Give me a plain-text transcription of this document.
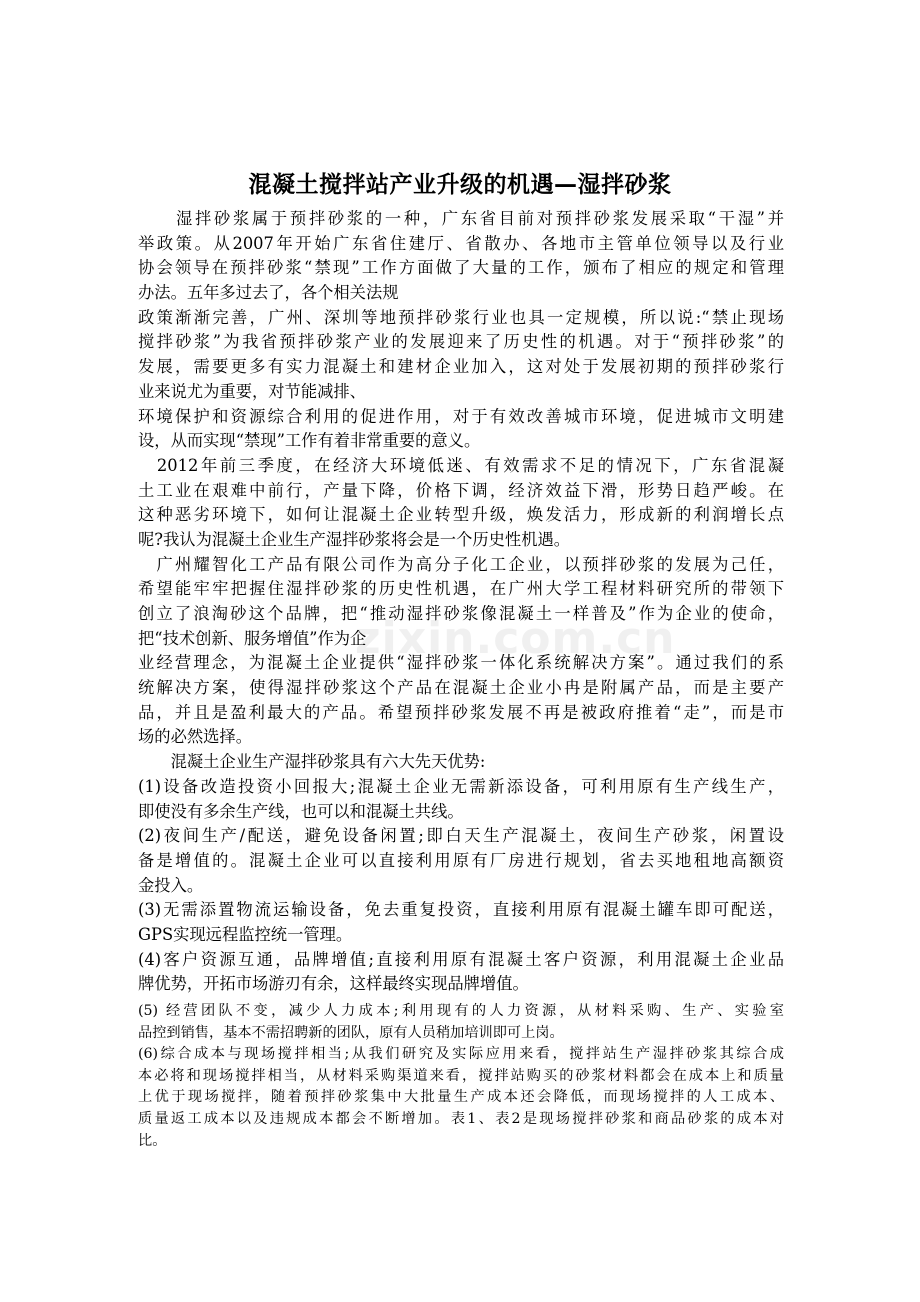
混凝土搅拌站产业升级的机遇—湿拌砂浆
zixin.com.cn
　　湿拌砂浆属于预拌砂浆的一种，广东省目前对预拌砂浆发展采取“干湿”并
举政策。从2007年开始广东省住建厅、省散办、各地市主管单位领导以及行业
协会领导在预拌砂浆“禁现”工作方面做了大量的工作，颁布了相应的规定和管理
办法。五年多过去了，各个相关法规
政策渐渐完善，广州、深圳等地预拌砂浆行业也具一定规模，所以说:“禁止现场
搅拌砂浆”为我省预拌砂浆产业的发展迎来了历史性的机遇。对于“预拌砂浆”的
发展，需要更多有实力混凝土和建材企业加入，这对处于发展初期的预拌砂浆行
业来说尤为重要，对节能减排、
环境保护和资源综合利用的促进作用，对于有效改善城市环境，促进城市文明建
设，从而实现“禁现”工作有着非常重要的意义。
　2012年前三季度，在经济大环境低迷、有效需求不足的情况下，广东省混凝
土工业在艰难中前行，产量下降，价格下调，经济效益下滑，形势日趋严峻。在
这种恶劣环境下，如何让混凝土企业转型升级，焕发活力，形成新的利润增长点
呢?我认为混凝土企业生产湿拌砂浆将会是一个历史性机遇。
　广州耀智化工产品有限公司作为高分子化工企业，以预拌砂浆的发展为己任，
希望能牢牢把握住湿拌砂浆的历史性机遇，在广州大学工程材料研究所的带领下
创立了浪淘砂这个品牌，把“推动湿拌砂浆像混凝土一样普及”作为企业的使命，
把“技术创新、服务增值”作为企
业经营理念，为混凝土企业提供“湿拌砂浆一体化系统解决方案”。通过我们的系
统解决方案，使得湿拌砂浆这个产品在混凝土企业小冉是附属产品，而是主要产
品，并且是盈利最大的产品。希望预拌砂浆发展不再是被政府推着“走”，而是市
场的必然选择。
　　混凝土企业生产湿拌砂浆具有六大先天优势:
(1)设备改造投资小回报大;混凝土企业无需新添设备，可利用原有生产线生产，
即使没有多余生产线，也可以和混凝土共线。
(2)夜间生产/配送，避免设备闲置;即白天生产混凝土，夜间生产砂浆，闲置设
备是增值的。混凝土企业可以直接利用原有厂房进行规划，省去买地租地高额资
金投入。
(3)无需添置物流运输设备，免去重复投资，直接利用原有混凝土罐车即可配送，
GPS实现远程监控统一管理。
(4)客户资源互通，品牌增值;直接利用原有混凝土客户资源，利用混凝土企业品
牌优势，开拓市场游刃有余，这样最终实现品牌增值。
(5) 经营团队不变，减少人力成本;利用现有的人力资源，从材料采购、生产、实验室
品控到销售，基本不需招聘新的团队，原有人员稍加培训即可上岗。
(6)综合成本与现场搅拌相当;从我们研究及实际应用来看，搅拌站生产湿拌砂浆其综合成
本必将和现场搅拌相当，从材料采购渠道来看，搅拌站购买的砂浆材料都会在成本上和质量
上优于现场搅拌，随着预拌砂浆集中大批量生产成本还会降低，而现场搅拌的人工成本、
质量返工成本以及违规成本都会不断增加。表1、表2是现场搅拌砂浆和商品砂浆的成本对
比。
